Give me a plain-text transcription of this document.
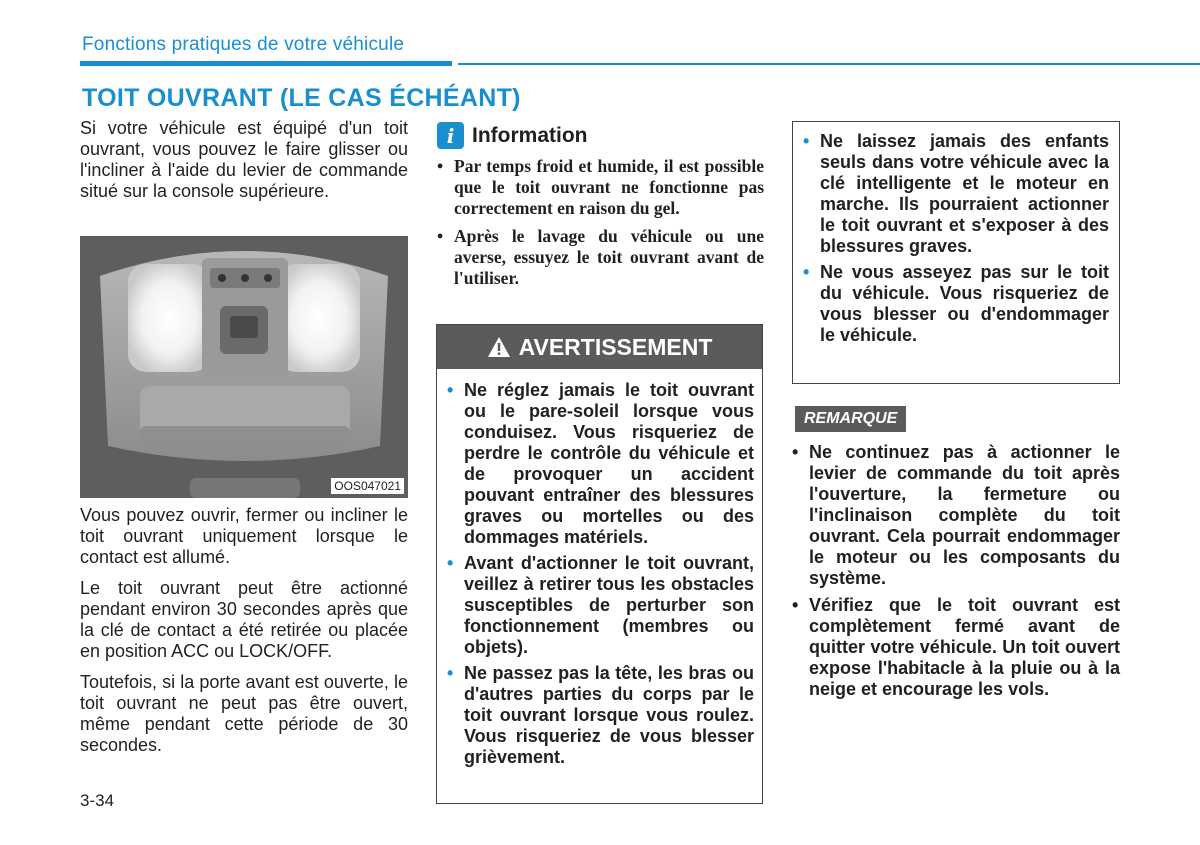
Fonctions pratiques de votre véhicule
TOIT OUVRANT (LE CAS ÉCHÉANT)

Si votre véhicule est équipé d'un toit ouvrant, vous pouvez le faire glisser ou l'incliner à l'aide du levier de commande situé sur la console supérieure.

OOS047021

Vous pouvez ouvrir, fermer ou incliner le toit ouvrant uniquement lorsque le contact est allumé.

Le toit ouvrant peut être actionné pendant environ 30 secondes après que la clé de contact a été retirée ou placée en position ACC ou LOCK/OFF.

Toutefois, si la porte avant est ouverte, le toit ouvrant ne peut pas être ouvert, même pendant cette période de 30 secondes.

i Information
• Par temps froid et humide, il est possible que le toit ouvrant ne fonctionne pas correctement en raison du gel.
• Après le lavage du véhicule ou une averse, essuyez le toit ouvrant avant de l'utiliser.
AVERTISSEMENT
• Ne réglez jamais le toit ouvrant ou le pare-soleil lorsque vous conduisez. Vous risqueriez de perdre le contrôle du véhicule et de provoquer un accident pouvant entraîner des blessures graves ou mortelles ou des dommages matériels.
• Avant d'actionner le toit ouvrant, veillez à retirer tous les obstacles susceptibles de perturber son fonctionnement (membres ou objets).
• Ne passez pas la tête, les bras ou d'autres parties du corps par le toit ouvrant lorsque vous roulez. Vous risqueriez de vous blesser grièvement.
• Ne laissez jamais des enfants seuls dans votre véhicule avec la clé intelligente et le moteur en marche. Ils pourraient actionner le toit ouvrant et s'exposer à des blessures graves.
• Ne vous asseyez pas sur le toit du véhicule. Vous risqueriez de vous blesser ou d'endommager le véhicule.
REMARQUE
• Ne continuez pas à actionner le levier de commande du toit après l'ouverture, la fermeture ou l'inclinaison complète du toit ouvrant. Cela pourrait endommager le moteur ou les composants du système.
• Vérifiez que le toit ouvrant est complètement fermé avant de quitter votre véhicule. Un toit ouvert expose l'habitacle à la pluie ou à la neige et encourage les vols.
3-34
